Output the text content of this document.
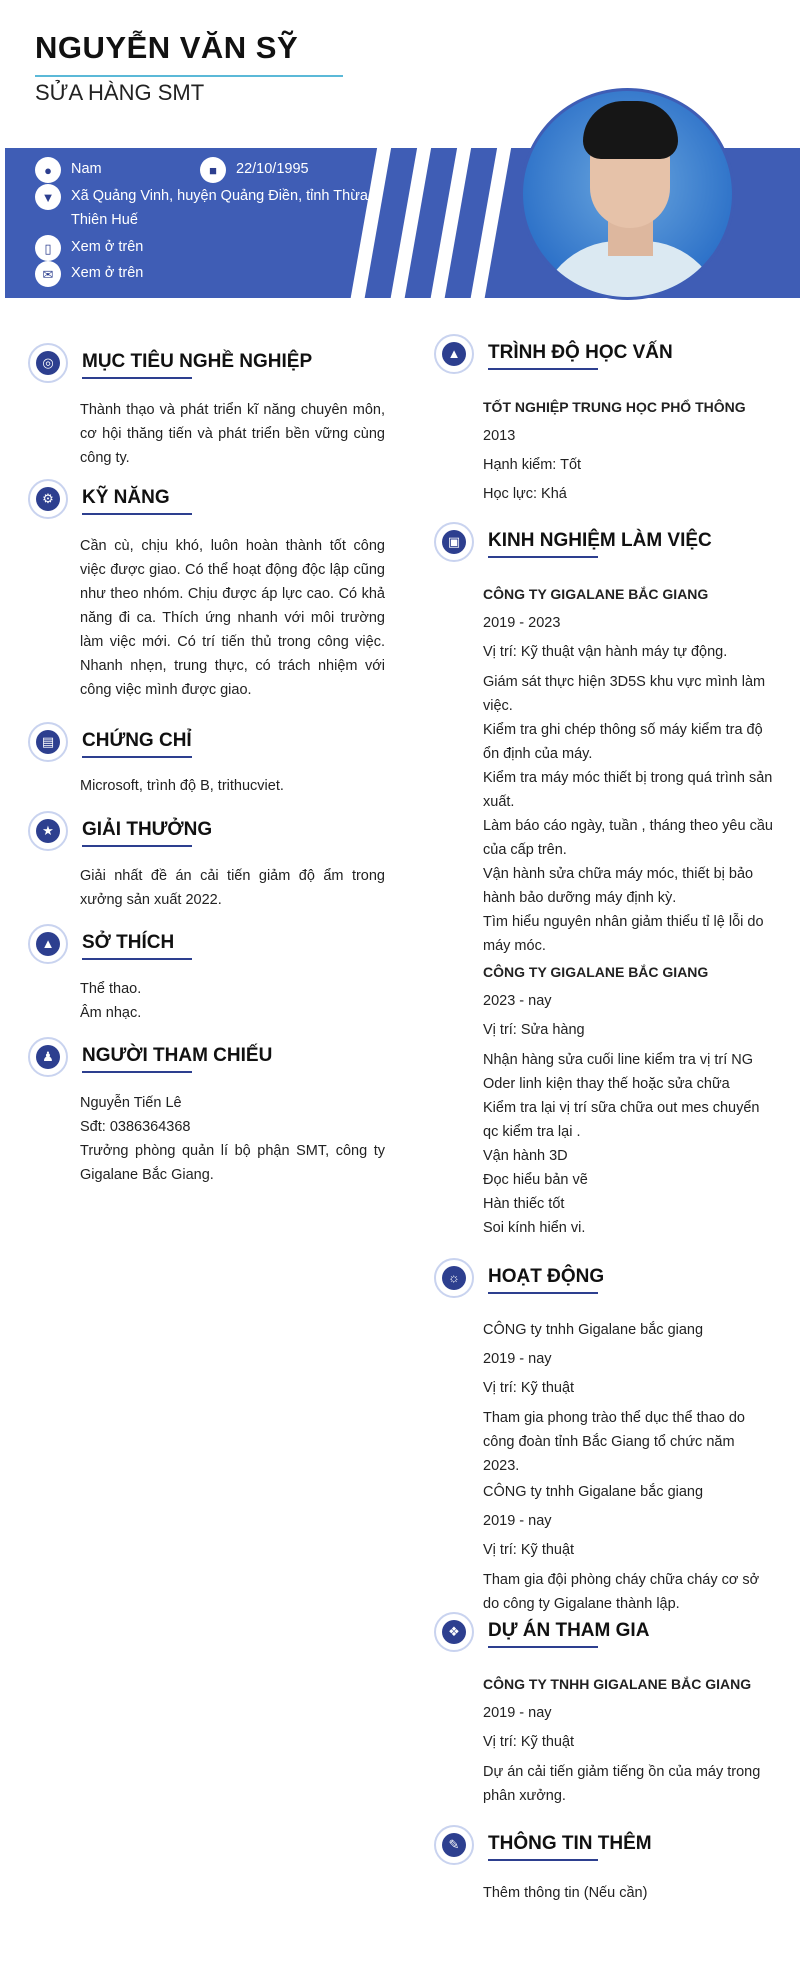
NGUYỄN VĂN SỸ
SỬA HÀNG SMT
● Nam	■ 22/10/1995
▼ Xã Quảng Vinh, huyện Quảng Điền, tỉnh Thừa Thiên Huế
▯ Xem ở trên
✉ Xem ở trên
◎	MỤC TIÊU NGHỀ NGHIỆP
Thành thạo và phát triển kĩ năng chuyên môn, cơ hội thăng tiến và phát triển bền vững cùng công ty.
⚙	KỸ NĂNG
Cần cù, chịu khó, luôn hoàn thành tốt công việc được giao. Có thể hoạt động độc lập cũng như theo nhóm. Chịu được áp lực cao. Có khả năng đi ca. Thích ứng nhanh với môi trường làm việc mới. Có trí tiến thủ trong công việc. Nhanh nhẹn, trung thực, có trách nhiệm với công việc mình được giao.
▤	CHỨNG CHỈ
Microsoft, trình độ B, trithucviet.
★	GIẢI THƯỞNG
Giải nhất đề án cải tiến giảm độ ẩm trong xưởng sản xuất 2022.
▲ SỞ THÍCH
Thể thao.
Âm nhạc.
♟	NGƯỜI THAM CHIẾU
Nguyễn Tiến Lê
Sđt: 0386364368
Trưởng phòng quản lí bộ phận SMT, công ty Gigalane Bắc Giang.
▲ TRÌNH ĐỘ HỌC VẤN
TỐT NGHIỆP TRUNG HỌC PHỔ THÔNG
2013
Hạnh kiểm: Tốt
Học lực: Khá
▣	KINH NGHIỆM LÀM VIỆC
CÔNG TY GIGALANE BẮC GIANG
2019 - 2023
Vị trí: Kỹ thuật vận hành máy tự động.
Giám sát thực hiện 3D5S khu vực mình làm việc.
Kiểm tra ghi chép thông số máy kiểm tra độ ổn định của máy.
Kiểm tra máy móc thiết bị trong quá trình sản xuất.
Làm báo cáo ngày, tuần , tháng theo yêu cầu của cấp trên.
Vận hành sửa chữa máy móc, thiết bị bảo hành bảo dưỡng máy định kỳ.
Tìm hiểu nguyên nhân giảm thiểu tỉ lệ lỗi do máy móc.
CÔNG TY GIGALANE BẮC GIANG
2023 - nay
Vị trí: Sửa hàng
Nhận hàng sửa cuối line kiểm tra vị trí NG
Oder linh kiện thay thế hoặc sửa chữa
Kiểm tra lại vị trí sữa chữa out mes chuyển qc kiểm tra lại .
Vận hành 3D
Đọc hiểu bản vẽ
Hàn thiếc tốt
Soi kính hiển vi.
☼	HOẠT ĐỘNG
CÔNG ty tnhh Gigalane bắc giang
2019 - nay
Vị trí: Kỹ thuật
Tham gia phong trào thể dục thể thao do công đoàn tỉnh Bắc Giang tổ chức năm 2023.
CÔNG ty tnhh Gigalane bắc giang
2019 - nay
Vị trí: Kỹ thuật
Tham gia đội phòng cháy chữa cháy cơ sở do công ty Gigalane thành lập.
❖	DỰ ÁN THAM GIA
CÔNG TY TNHH GIGALANE BẮC GIANG
2019 - nay
Vị trí: Kỹ thuật
Dự án cải tiến giảm tiếng ồn của máy trong phân xưởng.
✎	THÔNG TIN THÊM
Thêm thông tin (Nếu cần)
